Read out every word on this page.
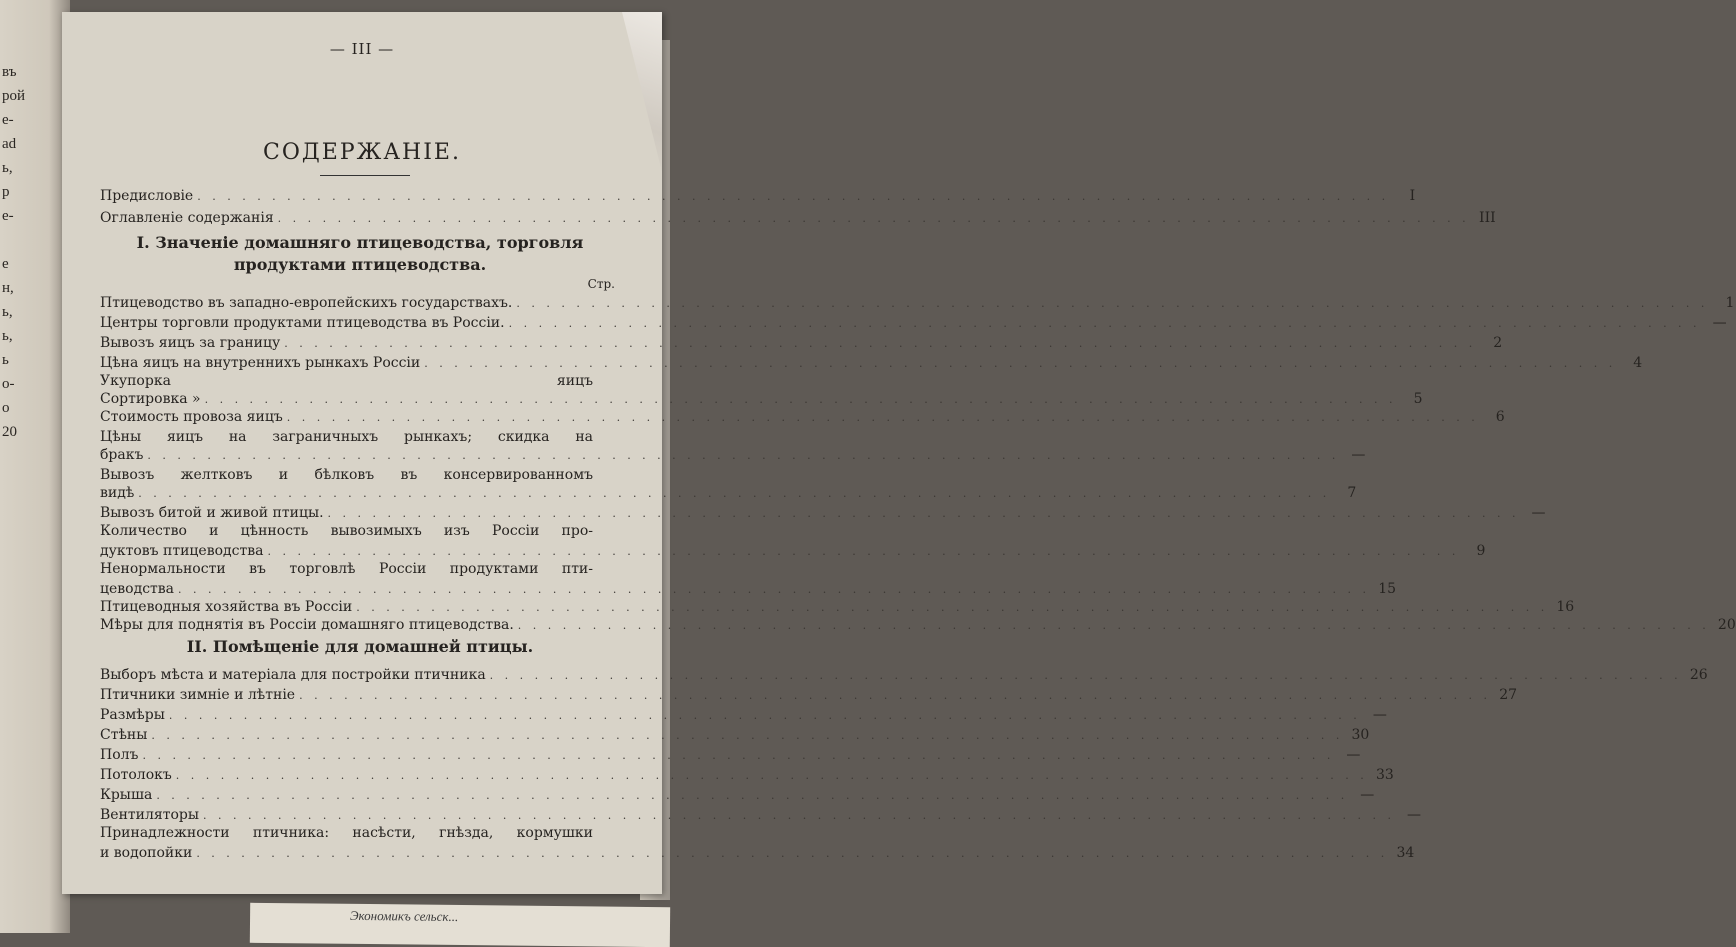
въ
рой
е-
ad
ь,
р
е-
е
н,
ь,
ь,
ь
о-
о
20
Экономикъ сельск...
— III —
СОДЕРЖАНІЕ.
Предисловіе . . . . . . . . . . . . . . . . . . . . . . . . . . . . . . . . . . . . . . . . . . . . . . . . . . . . . . . . . . . . . . . . . . . . . . . . . . . . . . . .	I
Оглавленіе содержанія . . . . . . . . . . . . . . . . . . . . . . . . . . . . . . . . . . . . . . . . . . . . . . . . . . . . . . . . . . . . . . . . . . . . . . . . . . . . . . . . III
I. Значеніе домашняго птицеводства, торговля
продуктами птицеводства.
Стр.
Птицеводство въ западно-европейскихъ государствахъ. . . . . . . . . . . . . . . . . . . . . . . . . . . . . . . . . . . . . . . . . . . . . . . . . . . . . . . . . . . . . . . . . . . . . . . . . . . . . . . . .	1
Центры торговли продуктами птицеводства въ Россіи. . . . . . . . . . . . . . . . . . . . . . . . . . . . . . . . . . . . . . . . . . . . . . . . . . . . . . . . . . . . . . . . . . . . . . . . . . . . . . . . . —
Вывозъ яицъ за границу . . . . . . . . . . . . . . . . . . . . . . . . . . . . . . . . . . . . . . . . . . . . . . . . . . . . . . . . . . . . . . . . . . . . . . . . . . . . . . . .	2
Цѣна яицъ на внутреннихъ рынкахъ Россіи . . . . . . . . . . . . . . . . . . . . . . . . . . . . . . . . . . . . . . . . . . . . . . . . . . . . . . . . . . . . . . . . . . . . . . . . . . . . . . . .	4
Укупорка яицъ
Сортировка » . . . . . . . . . . . . . . . . . . . . . . . . . . . . . . . . . . . . . . . . . . . . . . . . . . . . . . . . . . . . . . . . . . . . . . . . . . . . . . . .	5
Стоимость провоза яицъ . . . . . . . . . . . . . . . . . . . . . . . . . . . . . . . . . . . . . . . . . . . . . . . . . . . . . . . . . . . . . . . . . . . . . . . . . . . . . . . .	6
Цѣны яицъ на заграничныхъ рынкахъ; скидка на
бракъ . . . . . . . . . . . . . . . . . . . . . . . . . . . . . . . . . . . . . . . . . . . . . . . . . . . . . . . . . . . . . . . . . . . . . . . . . . . . . . . . —
Вывозъ желтковъ и бѣлковъ въ консервированномъ
видѣ . . . . . . . . . . . . . . . . . . . . . . . . . . . . . . . . . . . . . . . . . . . . . . . . . . . . . . . . . . . . . . . . . . . . . . . . . . . . . . . .	7
Вывозъ битой и живой птицы. . . . . . . . . . . . . . . . . . . . . . . . . . . . . . . . . . . . . . . . . . . . . . . . . . . . . . . . . . . . . . . . . . . . . . . . . . . . . . . . . —
Количество и цѣнность вывозимыхъ изъ Россіи про-
дуктовъ птицеводства . . . . . . . . . . . . . . . . . . . . . . . . . . . . . . . . . . . . . . . . . . . . . . . . . . . . . . . . . . . . . . . . . . . . . . . . . . . . . . . .	9
Ненормальности въ торговлѣ Россіи продуктами пти-
цеводства . . . . . . . . . . . . . . . . . . . . . . . . . . . . . . . . . . . . . . . . . . . . . . . . . . . . . . . . . . . . . . . . . . . . . . . . . . . . . . . . 15
Птицеводныя хозяйства въ Россіи . . . . . . . . . . . . . . . . . . . . . . . . . . . . . . . . . . . . . . . . . . . . . . . . . . . . . . . . . . . . . . . . . . . . . . . . . . . . . . . . 16
Мѣры для поднятія въ Россіи домашняго птицеводства. . . . . . . . . . . . . . . . . . . . . . . . . . . . . . . . . . . . . . . . . . . . . . . . . . . . . . . . . . . . . . . . . . . . . . . . . . . . . . . . . 20
II. Помѣщеніе для домашней птицы.
Выборъ мѣста и матеріала для постройки птичника . . . . . . . . . . . . . . . . . . . . . . . . . . . . . . . . . . . . . . . . . . . . . . . . . . . . . . . . . . . . . . . . . . . . . . . . . . . . . . . . 26
Птичники зимніе и лѣтніе . . . . . . . . . . . . . . . . . . . . . . . . . . . . . . . . . . . . . . . . . . . . . . . . . . . . . . . . . . . . . . . . . . . . . . . . . . . . . . . . 27
Размѣры . . . . . . . . . . . . . . . . . . . . . . . . . . . . . . . . . . . . . . . . . . . . . . . . . . . . . . . . . . . . . . . . . . . . . . . . . . . . . . . . —
Стѣны . . . . . . . . . . . . . . . . . . . . . . . . . . . . . . . . . . . . . . . . . . . . . . . . . . . . . . . . . . . . . . . . . . . . . . . . . . . . . . . . 30
Полъ . . . . . . . . . . . . . . . . . . . . . . . . . . . . . . . . . . . . . . . . . . . . . . . . . . . . . . . . . . . . . . . . . . . . . . . . . . . . . . . . —
Потолокъ . . . . . . . . . . . . . . . . . . . . . . . . . . . . . . . . . . . . . . . . . . . . . . . . . . . . . . . . . . . . . . . . . . . . . . . . . . . . . . . . 33
Крыша . . . . . . . . . . . . . . . . . . . . . . . . . . . . . . . . . . . . . . . . . . . . . . . . . . . . . . . . . . . . . . . . . . . . . . . . . . . . . . . . —
Вентиляторы . . . . . . . . . . . . . . . . . . . . . . . . . . . . . . . . . . . . . . . . . . . . . . . . . . . . . . . . . . . . . . . . . . . . . . . . . . . . . . . . —
Принадлежности птичника: насѣсти, гнѣзда, кормушки
и водопойки . . . . . . . . . . . . . . . . . . . . . . . . . . . . . . . . . . . . . . . . . . . . . . . . . . . . . . . . . . . . . . . . . . . . . . . . . . . . . . . . 34
